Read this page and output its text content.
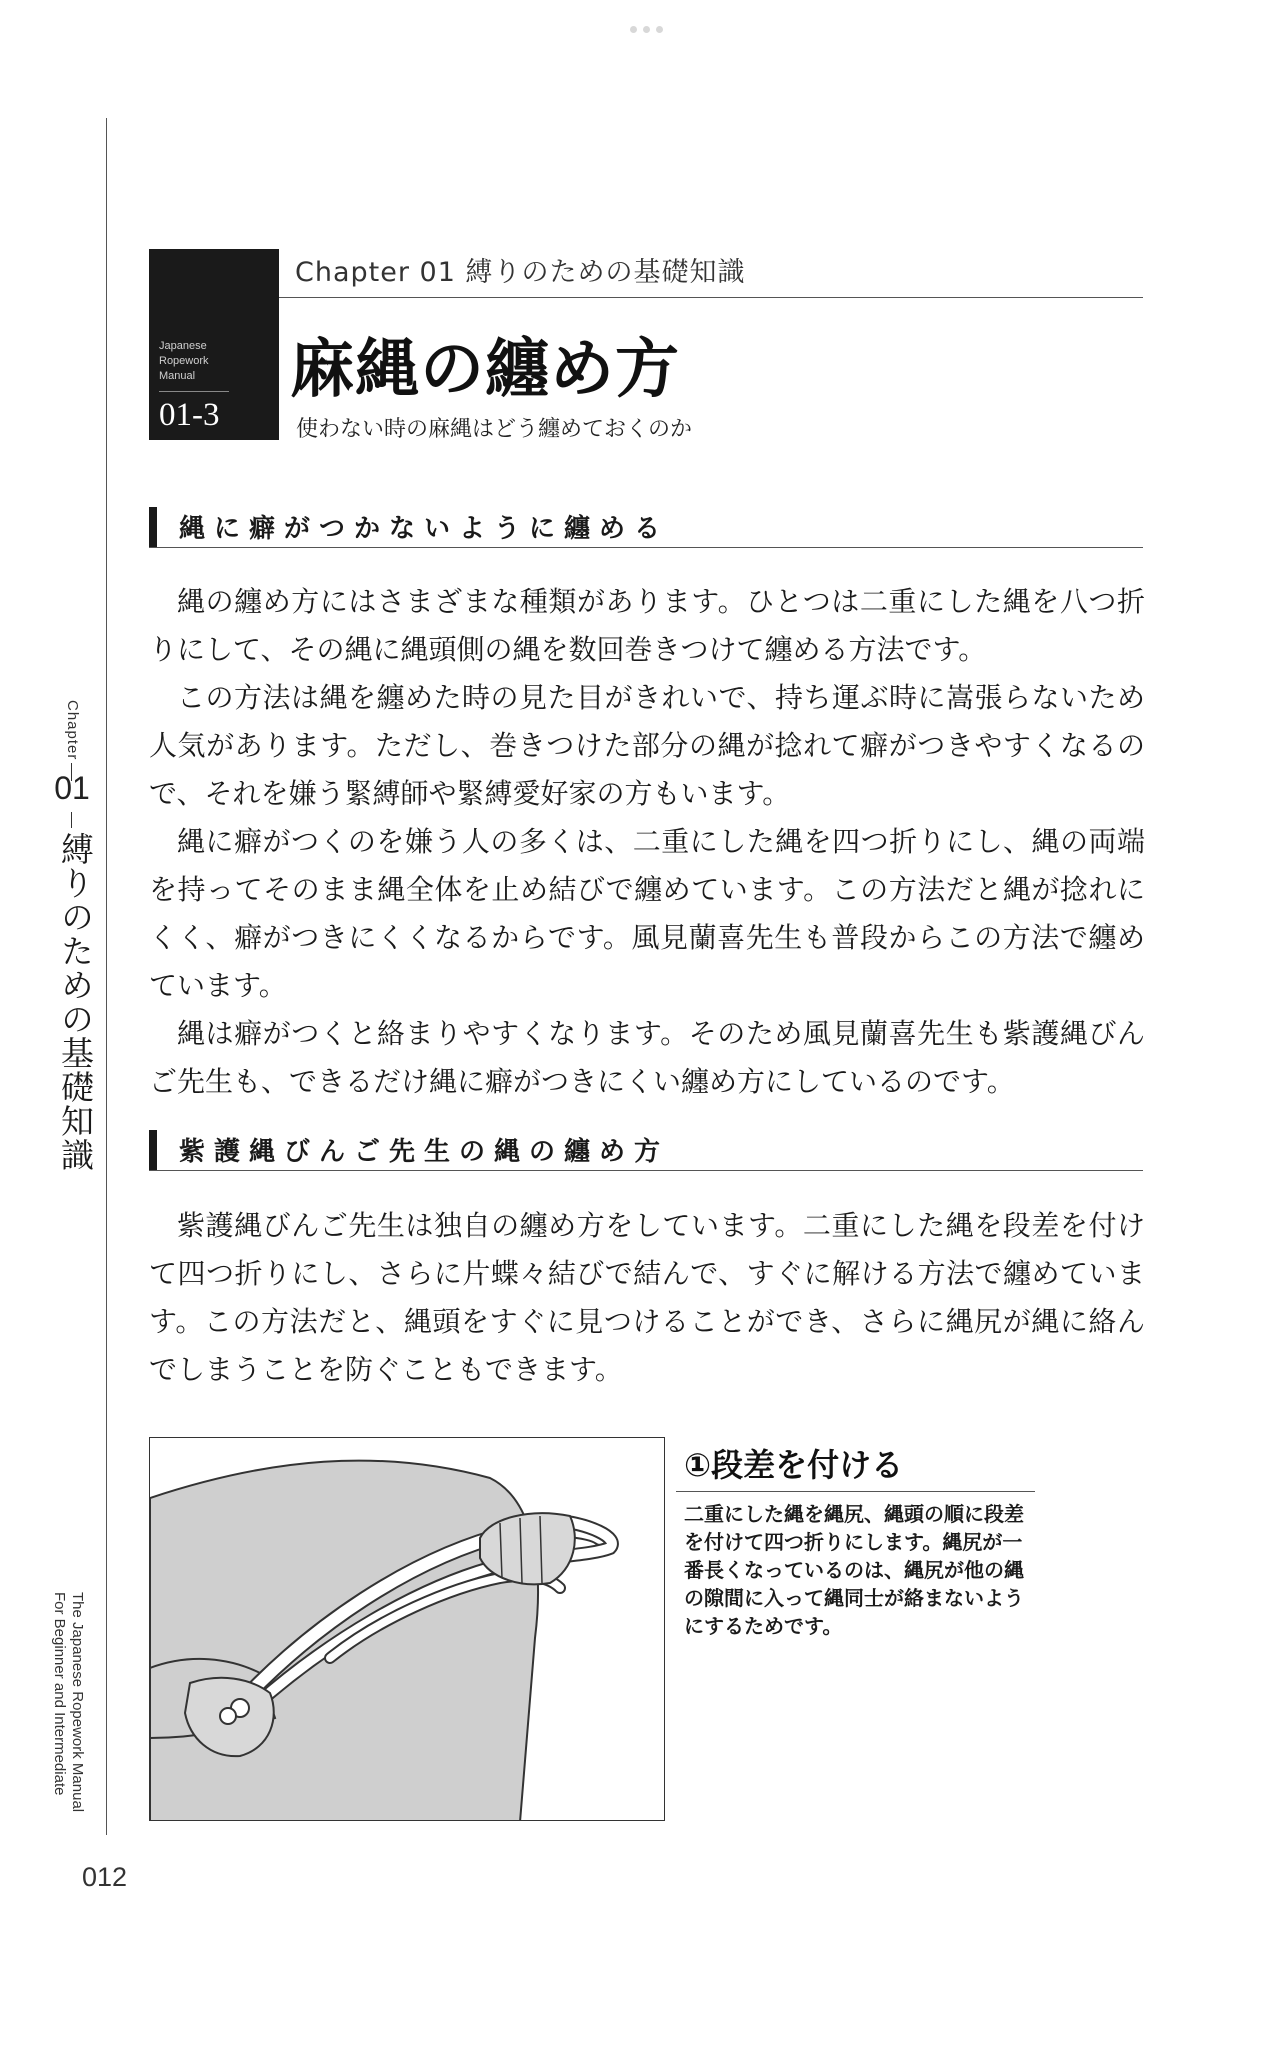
Chapter
01
縛りのための基礎知識
The Japanese Ropework Manual
For Beginner and Intermediate
012
Japanese
Ropework
Manual
01-3
Chapter 01 縛りのための基礎知識
麻縄の纏め方
使わない時の麻縄はどう纏めておくのか
縄に癖がつかないように纏める

縄の纏め方にはさまざまな種類があります。ひとつは二重にした縄を八つ折りにして、その縄に縄頭側の縄を数回巻きつけて纏める方法です。

この方法は縄を纏めた時の見た目がきれいで、持ち運ぶ時に嵩張らないため人気があります。ただし、巻きつけた部分の縄が捻れて癖がつきやすくなるので、それを嫌う緊縛師や緊縛愛好家の方もいます。

縄に癖がつくのを嫌う人の多くは、二重にした縄を四つ折りにし、縄の両端を持ってそのまま縄全体を止め結びで纏めています。この方法だと縄が捻れにくく、癖がつきにくくなるからです。風見蘭喜先生も普段からこの方法で纏めています。

縄は癖がつくと絡まりやすくなります。そのため風見蘭喜先生も紫護縄びんご先生も、できるだけ縄に癖がつきにくい纏め方にしているのです。

紫護縄びんご先生の縄の纏め方

紫護縄びんご先生は独自の纏め方をしています。二重にした縄を段差を付けて四つ折りにし、さらに片蝶々結びで結んで、すぐに解ける方法で纏めています。この方法だと、縄頭をすぐに見つけることができ、さらに縄尻が縄に絡んでしまうことを防ぐこともできます。

①段差を付ける
二重にした縄を縄尻、縄頭の順に段差を付けて四つ折りにします。縄尻が一番長くなっているのは、縄尻が他の縄の隙間に入って縄同士が絡まないようにするためです。
